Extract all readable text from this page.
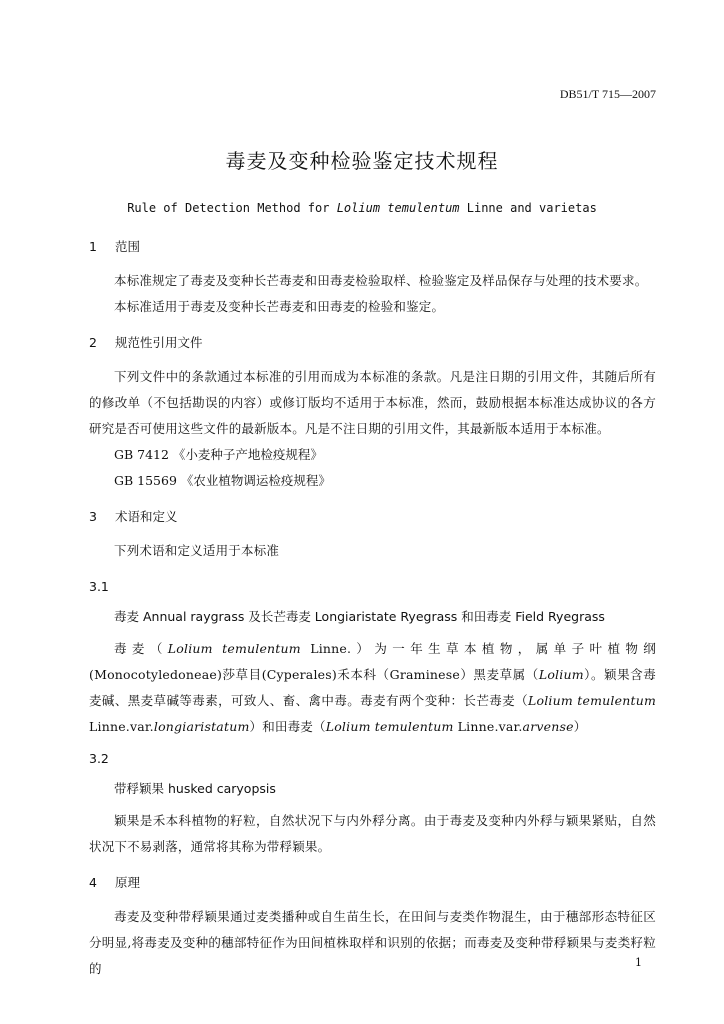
DB51/T 715—2007
毒麦及变种检验鉴定技术规程
Rule of Detection Method for Lolium temulentum Linne and varietas
1 范围

本标准规定了毒麦及变种长芒毒麦和田毒麦检验取样、检验鉴定及样品保存与处理的技术要求。

本标准适用于毒麦及变种长芒毒麦和田毒麦的检验和鉴定。

2 规范性引用文件

下列文件中的条款通过本标准的引用而成为本标准的条款。凡是注日期的引用文件，其随后所有的修改单（不包括勘误的内容）或修订版均不适用于本标准，然而，鼓励根据本标准达成协议的各方研究是否可使用这些文件的最新版本。凡是不注日期的引用文件，其最新版本适用于本标准。

GB 7412 《小麦种子产地检疫规程》

GB 15569 《农业植物调运检疫规程》

3 术语和定义

下列术语和定义适用于本标准

3.1

毒麦 Annual raygrass 及长芒毒麦 Longiaristate Ryegrass 和田毒麦 Field Ryegrass

毒麦（Lolium temulentum Linne.）为一年生草本植物，属单子叶植物纲(Monocotyledoneae)莎草目(Cyperales)禾本科（Graminese）黑麦草属（Lolium）。颖果含毒麦碱、黑麦草碱等毒素，可致人、畜、禽中毒。毒麦有两个变种：长芒毒麦（Lolium temulentum Linne.var.longiaristatum）和田毒麦（Lolium temulentum Linne.var.arvense）

3.2

带稃颖果 husked caryopsis

颖果是禾本科植物的籽粒，自然状况下与内外稃分离。由于毒麦及变种内外稃与颖果紧贴，自然状况下不易剥落，通常将其称为带稃颖果。

4 原理

毒麦及变种带稃颖果通过麦类播种或自生苗生长，在田间与麦类作物混生，由于穗部形态特征区分明显,将毒麦及变种的穗部特征作为田间植株取样和识别的依据；而毒麦及变种带稃颖果与麦类籽粒的	1
